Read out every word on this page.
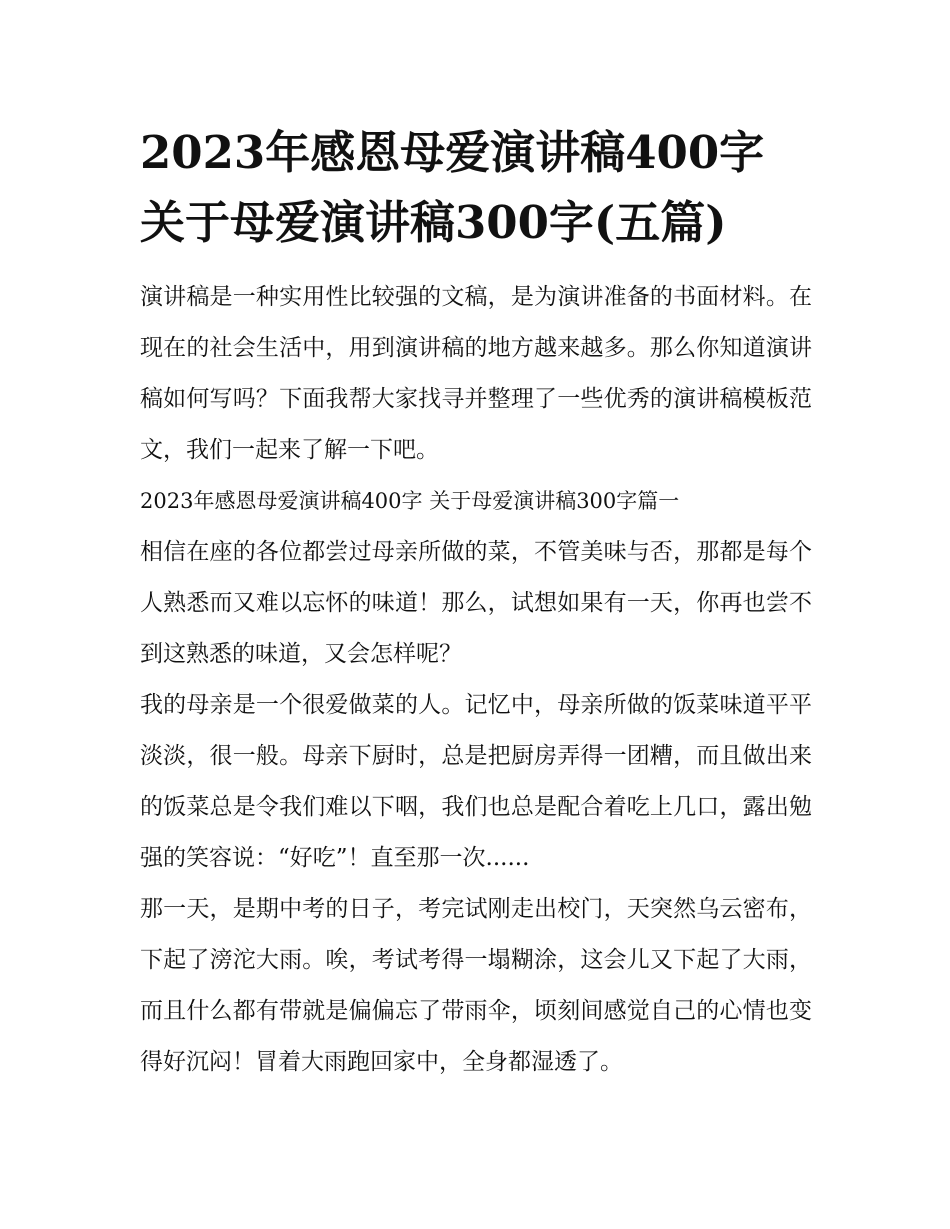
2023年感恩母爱演讲稿400字
关于母爱演讲稿300字(五篇)

演讲稿是一种实用性比较强的文稿，是为演讲准备的书面材料。在现在的社会生活中，用到演讲稿的地方越来越多。那么你知道演讲稿如何写吗？下面我帮大家找寻并整理了一些优秀的演讲稿模板范文，我们一起来了解一下吧。

2023年感恩母爱演讲稿400字 关于母爱演讲稿300字篇一

相信在座的各位都尝过母亲所做的菜，不管美味与否，那都是每个人熟悉而又难以忘怀的味道！那么，试想如果有一天，你再也尝不到这熟悉的味道，又会怎样呢？

我的母亲是一个很爱做菜的人。记忆中，母亲所做的饭菜味道平平淡淡，很一般。母亲下厨时，总是把厨房弄得一团糟，而且做出来的饭菜总是令我们难以下咽，我们也总是配合着吃上几口，露出勉强的笑容说：“好吃”！直至那一次......

那一天，是期中考的日子，考完试刚走出校门，天突然乌云密布，下起了滂沱大雨。唉，考试考得一塌糊涂，这会儿又下起了大雨，而且什么都有带就是偏偏忘了带雨伞，顷刻间感觉自己的心情也变得好沉闷！冒着大雨跑回家中，全身都湿透了。
